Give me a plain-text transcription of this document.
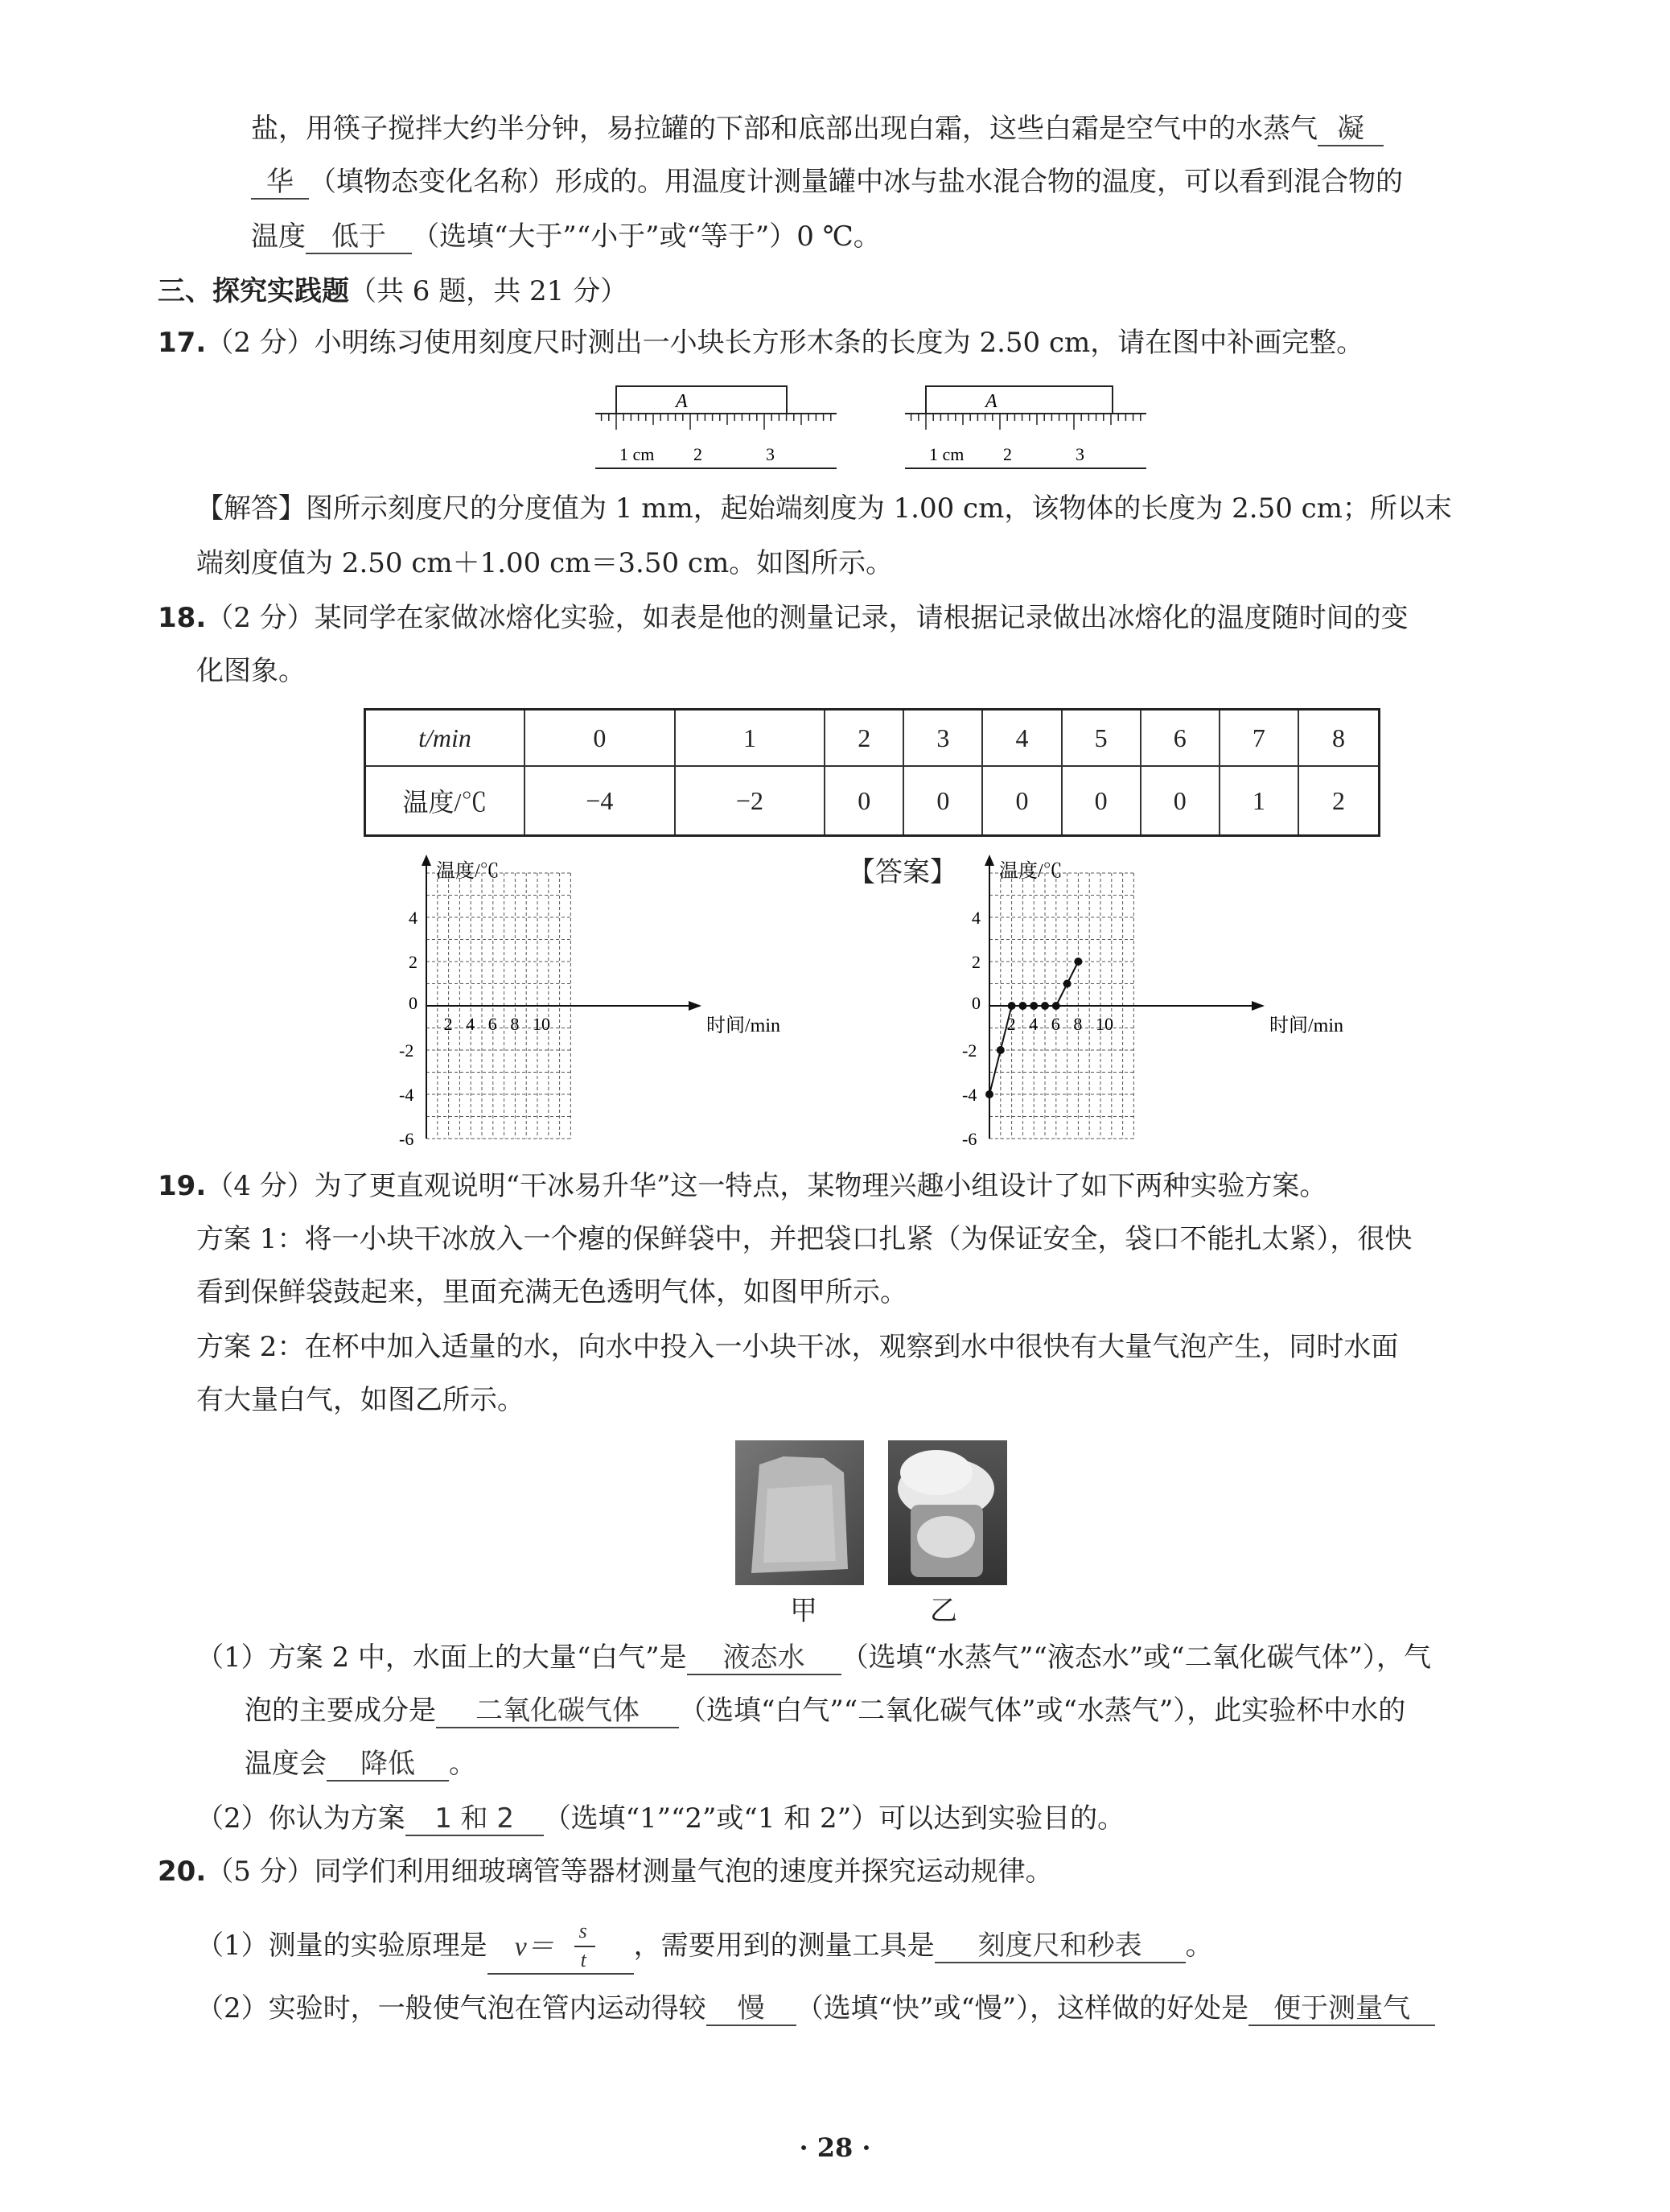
盐，用筷子搅拌大约半分钟，易拉罐的下部和底部出现白霜，这些白霜是空气中的水蒸气 凝
华 （填物态变化名称）形成的。用温度计测量罐中冰与盐水混合物的温度，可以看到混合物的
温度 低于 （选填“大于”“小于”或“等于”）0 ℃。
三、探究实践题（共 6 题，共 21 分）
17.（2 分）小明练习使用刻度尺时测出一小块长方形木条的长度为 2.50 cm，请在图中补画完整。
A
1 cm 2	3
A
1 cm 2	3
【解答】图所示刻度尺的分度值为 1 mm，起始端刻度为 1.00 cm，该物体的长度为 2.50 cm；所以末
端刻度值为 2.50 cm＋1.00 cm＝3.50 cm。如图所示。
18.（2 分）某同学在家做冰熔化实验，如表是他的测量记录，请根据记录做出冰熔化的温度随时间的变
化图象。
t/min	0	1	2	3	4	5	6	7	8
温度/℃	−4	−2	0	0	0	0	0	1	2
温度/℃
时间/min
0
4
2
-2
-4
-6
2 4 6 8 10
温度/℃
时间/min
0
4
2
-2
-4
-6
2 4 6 8 10
【答案】
19.（4 分）为了更直观说明“干冰易升华”这一特点，某物理兴趣小组设计了如下两种实验方案。
方案 1：将一小块干冰放入一个瘪的保鲜袋中，并把袋口扎紧（为保证安全，袋口不能扎太紧），很快
看到保鲜袋鼓起来，里面充满无色透明气体，如图甲所示。
方案 2：在杯中加入适量的水，向水中投入一小块干冰，观察到水中很快有大量气泡产生，同时水面
有大量白气，如图乙所示。
甲	乙
（1）方案 2 中，水面上的大量“白气”是 液态水 （选填“水蒸气”“液态水”或“二氧化碳气体”），气
泡的主要成分是 二氧化碳气体 （选填“白气”“二氧化碳气体”或“水蒸气”），此实验杯中水的
温度会 降低 。
（2）你认为方案 1 和 2 （选填“1”“2”或“1 和 2”）可以达到实验目的。
20.（5 分）同学们利用细玻璃管等器材测量气泡的速度并探究运动规律。
（1）测量的实验原理是 v＝
s
t ，需要用到的测量工具是 刻度尺和秒表 。
（2）实验时，一般使气泡在管内运动得较 慢 （选填“快”或“慢”），这样做的好处是 便于测量气
· 28 ·
